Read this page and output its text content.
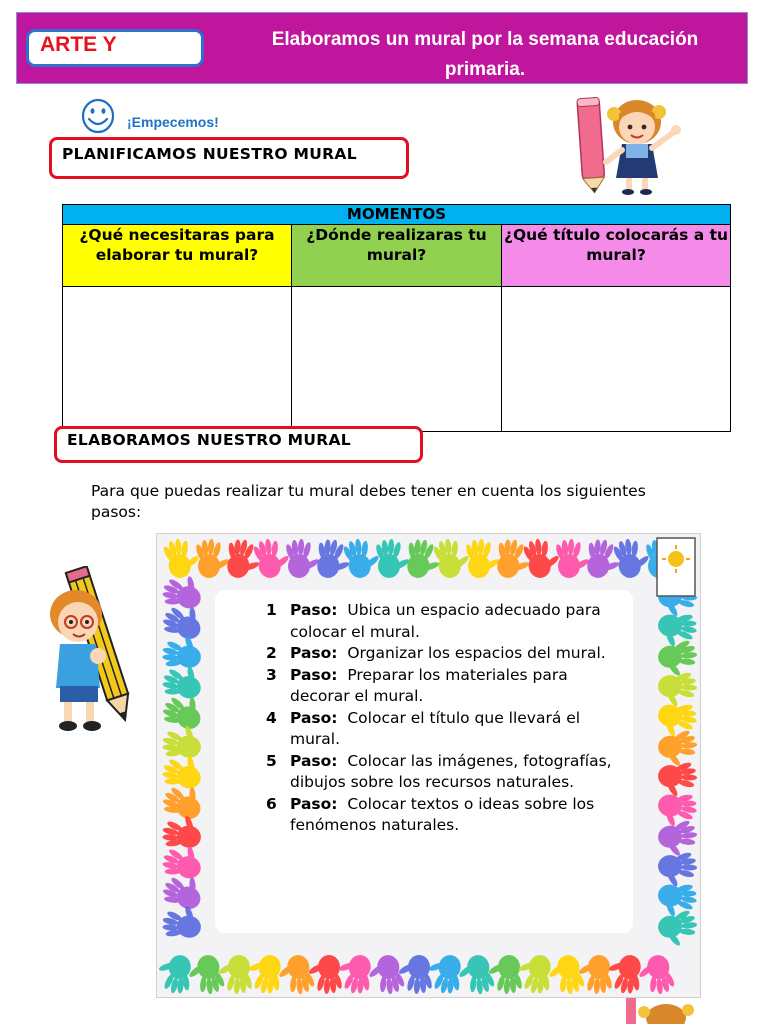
ARTE Y	Elaboramos un mural por la semana educación primaria.
¡Empecemos!
PLANIFICAMOS NUESTRO MURAL
MOMENTOS		
¿Qué necesitaras para elaborar tu mural?	¿Dónde realizaras tu mural?	¿Qué título colocarás a tu mural?

ELABORAMOS NUESTRO MURAL
Para que puedas realizar tu mural debes tener en cuenta los siguientes pasos:
1 Paso: Ubica un espacio adecuado para colocar el mural.
2 Paso: Organizar los espacios del mural.
3 Paso: Preparar los materiales para decorar el mural.
4 Paso: Colocar el título que llevará el mural.
5 Paso: Colocar las imágenes, fotografías, dibujos sobre los recursos naturales.
6 Paso: Colocar textos o ideas sobre los fenómenos naturales.
